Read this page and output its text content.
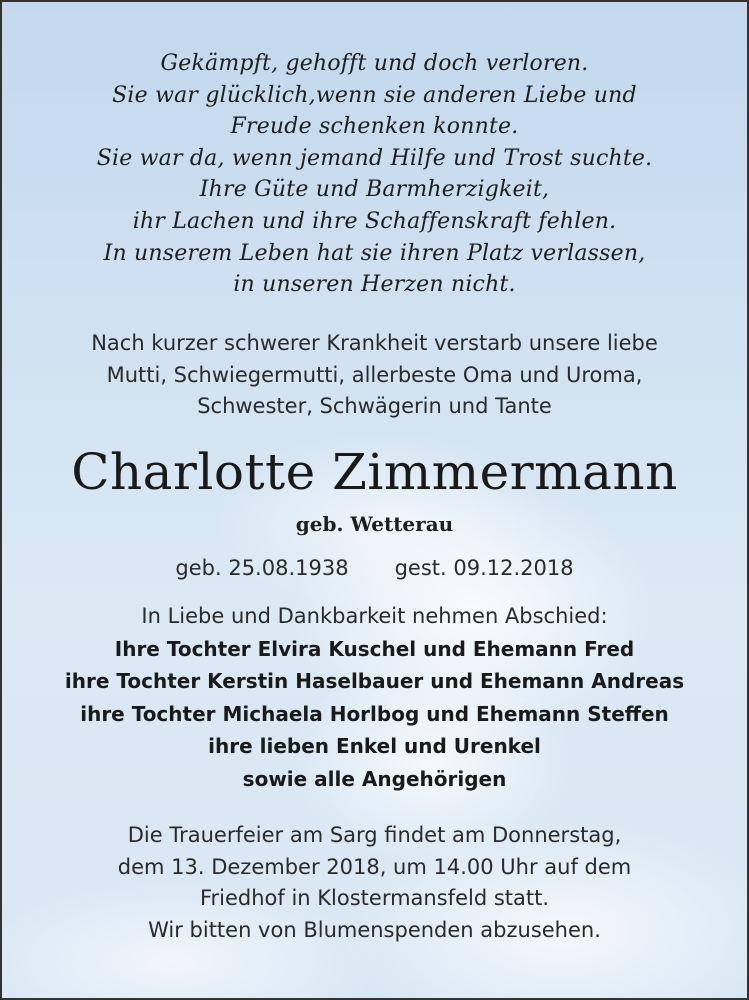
Gekämpft, gehofft und doch verloren.
Sie war glücklich,wenn sie anderen Liebe und
Freude schenken konnte.
Sie war da, wenn jemand Hilfe und Trost suchte.
Ihre Güte und Barmherzigkeit,
ihr Lachen und ihre Schaffenskraft fehlen.
In unserem Leben hat sie ihren Platz verlassen,
in unseren Herzen nicht.
Nach kurzer schwerer Krankheit verstarb unsere liebe
Mutti, Schwiegermutti, allerbeste Oma und Uroma,
Schwester, Schwägerin und Tante
Charlotte Zimmermann
geb. Wetterau
geb. 25.08.1938 gest. 09.12.2018
In Liebe und Dankbarkeit nehmen Abschied:
Ihre Tochter Elvira Kuschel und Ehemann Fred
ihre Tochter Kerstin Haselbauer und Ehemann Andreas
ihre Tochter Michaela Horlbog und Ehemann Steffen
ihre lieben Enkel und Urenkel
sowie alle Angehörigen
Die Trauerfeier am Sarg findet am Donnerstag,
dem 13. Dezember 2018, um 14.00 Uhr auf dem
Friedhof in Klostermansfeld statt.
Wir bitten von Blumenspenden abzusehen.
